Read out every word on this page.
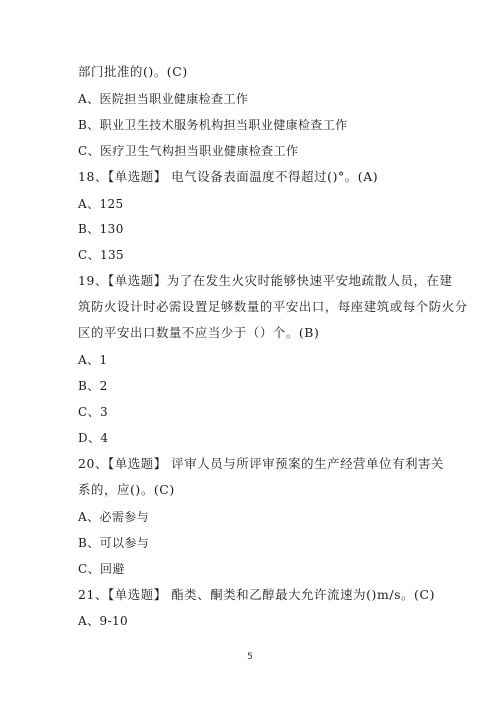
部门批准的()。(C)
A、医院担当职业健康检查工作
B、职业卫生技术服务机构担当职业健康检查工作
C、医疗卫生气构担当职业健康检查工作
18、【单选题】 电气设备表面温度不得超过()°。(A)
A、125
B、130
C、135
19、【单选题】为了在发生火灾时能够快速平安地疏散人员，在建
筑防火设计时必需设置足够数量的平安出口，每座建筑或每个防火分
区的平安出口数量不应当少于（）个。(B)
A、1
B、2
C、3
D、4
20、【单选题】 评审人员与所评审预案的生产经营单位有利害关
系的，应()。(C)
A、必需参与
B、可以参与
C、回避
21、【单选题】 酯类、酮类和乙醇最大允许流速为()m/s。(C)
A、9-10
5
